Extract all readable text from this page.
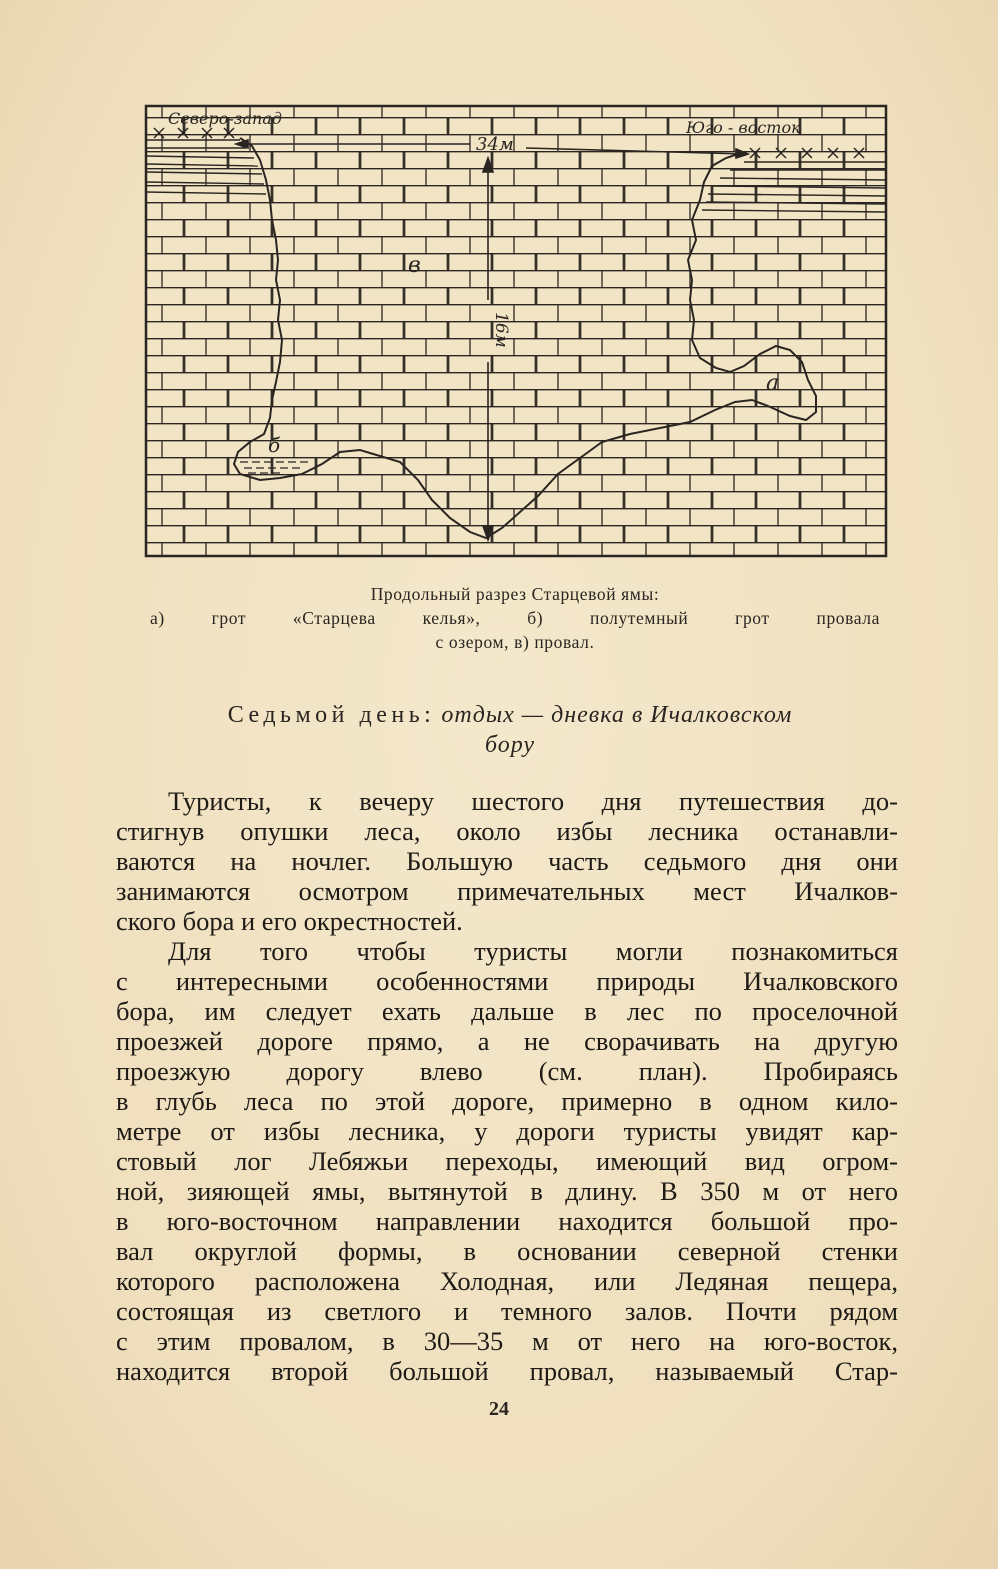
Северо-запад	Юго - восток
34м
16м
в
а
б
Продольный разрез Старцевой ямы:
а) грот «Старцева келья», б) полутемный грот провала
с озером, в) провал.
Седьмой день: отдых — дневка в Ичалковском
бору
Туристы, к вечеру шестого дня путешествия до-
стигнув опушки леса, около избы лесника останавли-
ваются на ночлег. Большую часть седьмого дня они
занимаются осмотром примечательных мест Ичалков-
ского бора и его окрестностей.
Для того чтобы туристы могли познакомиться
с интересными особенностями природы Ичалковского
бора, им следует ехать дальше в лес по проселочной
проезжей дороге прямо, а не сворачивать на другую
проезжую дорогу влево (см. план). Пробираясь
в глубь леса по этой дороге, примерно в одном кило-
метре от избы лесника, у дороги туристы увидят кар-
стовый лог Лебяжьи переходы, имеющий вид огром-
ной, зияющей ямы, вытянутой в длину. В 350 м от него
в юго-восточном направлении находится большой про-
вал округлой формы, в основании северной стенки
которого расположена Холодная, или Ледяная пещера,
состоящая из светлого и темного залов. Почти рядом
с этим провалом, в 30—35 м от него на юго-восток,
находится второй большой провал, называемый Стар-
24
